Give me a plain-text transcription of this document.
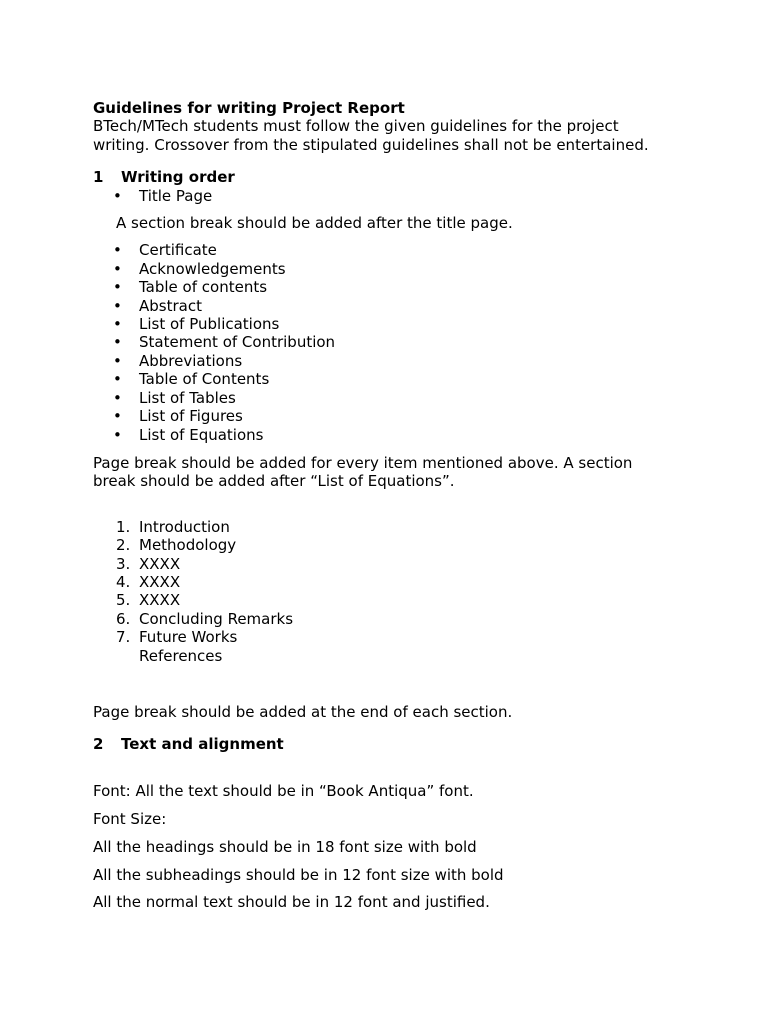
Guidelines for writing Project Report

BTech/MTech students must follow the given guidelines for the project

writing. Crossover from the stipulated guidelines shall not be entertained.

1	Writing order
•	Title Page

A section break should be added after the title page.

•	Certificate
•	Acknowledgements
•	Table of contents
•	Abstract
•	List of Publications
•	Statement of Contribution
•	Abbreviations
•	Table of Contents
•	List of Tables
•	List of Figures
•	List of Equations

Page break should be added for every item mentioned above. A section

break should be added after “List of Equations”.

1. Introduction
2. Methodology
3. XXXX
4. XXXX
5. XXXX
6. Concluding Remarks
7. Future Works

References

Page break should be added at the end of each section.

2	Text and alignment

Font: All the text should be in “Book Antiqua” font.

Font Size:

All the headings should be in 18 font size with bold

All the subheadings should be in 12 font size with bold

All the normal text should be in 12 font and justified.
